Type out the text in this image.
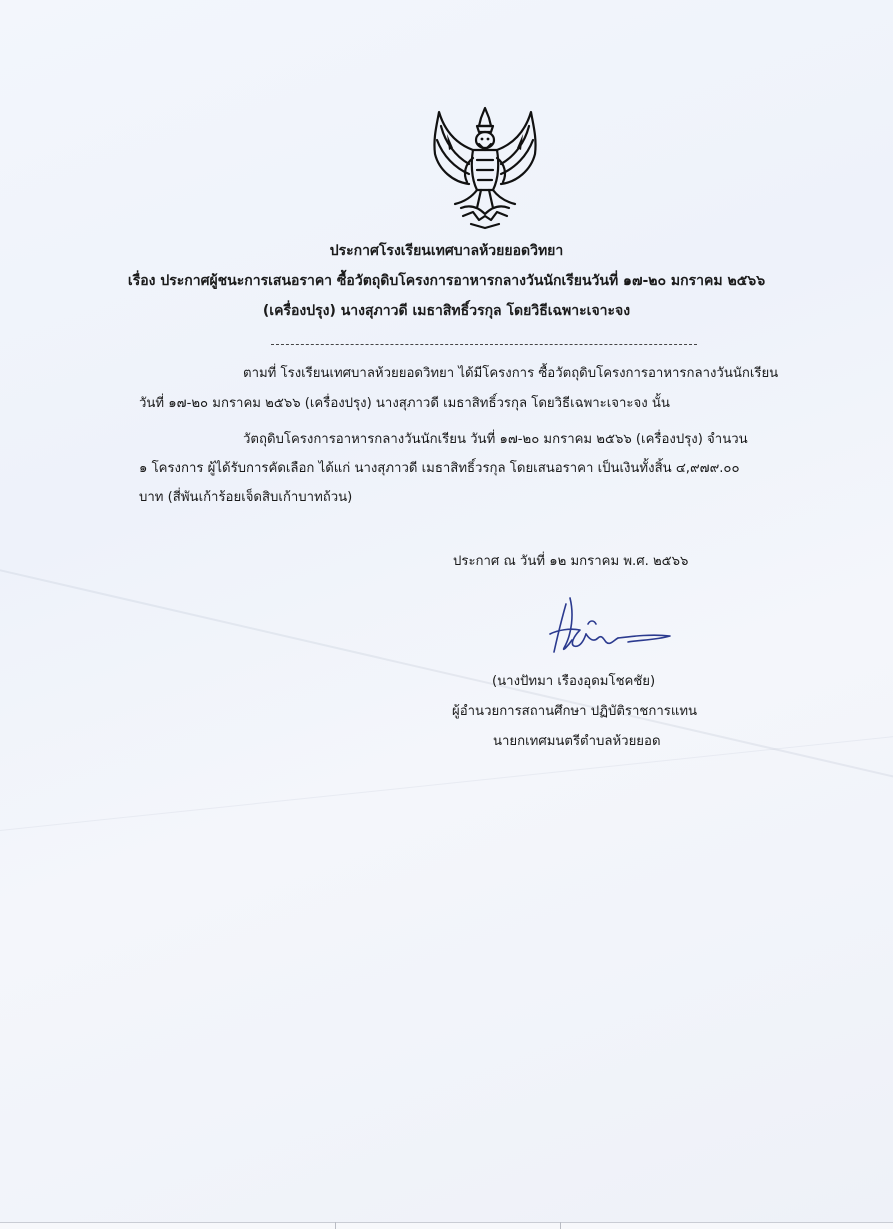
ประกาศโรงเรียนเทศบาลห้วยยอดวิทยา
เรื่อง ประกาศผู้ชนะการเสนอราคา ซื้อวัตถุดิบโครงการอาหารกลางวันนักเรียนวันที่ ๑๗-๒๐ มกราคม ๒๕๖๖
(เครื่องปรุง) นางสุภาวดี เมธาสิทธิ์วรกุล โดยวิธีเฉพาะเจาะจง
ตามที่ โรงเรียนเทศบาลห้วยยอดวิทยา ได้มีโครงการ ซื้อวัตถุดิบโครงการอาหารกลางวันนักเรียน
วันที่ ๑๗-๒๐ มกราคม ๒๕๖๖ (เครื่องปรุง) นางสุภาวดี เมธาสิทธิ์วรกุล โดยวิธีเฉพาะเจาะจง นั้น
วัตถุดิบโครงการอาหารกลางวันนักเรียน วันที่ ๑๗-๒๐ มกราคม ๒๕๖๖ (เครื่องปรุง) จำนวน
๑ โครงการ ผู้ได้รับการคัดเลือก ได้แก่ นางสุภาวดี เมธาสิทธิ์วรกุล โดยเสนอราคา เป็นเงินทั้งสิ้น ๔,๙๗๙.๐๐
บาท (สี่พันเก้าร้อยเจ็ดสิบเก้าบาทถ้วน)
ประกาศ ณ วันที่ ๑๒ มกราคม พ.ศ. ๒๕๖๖
(นางปัทมา เรืองอุดมโชคชัย)
ผู้อำนวยการสถานศึกษา ปฏิบัติราชการแทน
นายกเทศมนตรีตำบลห้วยยอด
